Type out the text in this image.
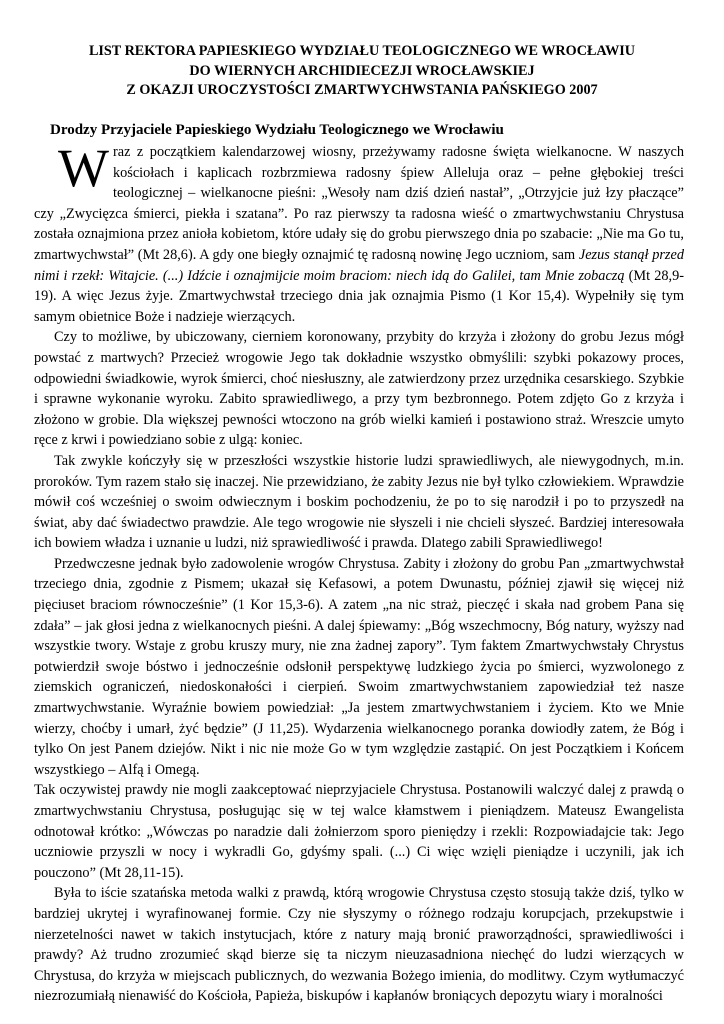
LIST REKTORA PAPIESKIEGO WYDZIAŁU TEOLOGICZNEGO WE WROCŁAWIU
DO WIERNYCH ARCHIDIECEZJI WROCŁAWSKIEJ
Z OKAZJI UROCZYSTOŚCI ZMARTWYCHWSTANIA PAŃSKIEGO 2007

Drodzy Przyjaciele Papieskiego Wydziału Teologicznego we Wrocławiu

Wraz z początkiem kalendarzowej wiosny, przeżywamy radosne święta wielkanocne. W naszych kościołach i kaplicach rozbrzmiewa radosny śpiew Alleluja oraz – pełne głębokiej treści teologicznej – wielkanocne pieśni: „Wesoły nam dziś dzień nastał”, „Otrzyjcie już łzy płaczące” czy „Zwycięzca śmierci, piekła i szatana”. Po raz pierwszy ta radosna wieść o zmartwychwstaniu Chrystusa została oznajmiona przez anioła kobietom, które udały się do grobu pierwszego dnia po szabacie: „Nie ma Go tu, zmartwychwstał” (Mt 28,6). A gdy one biegły oznajmić tę radosną nowinę Jego uczniom, sam Jezus stanął przed nimi i rzekł: Witajcie. (...) Idźcie i oznajmijcie moim braciom: niech idą do Galilei, tam Mnie zobaczą (Mt 28,9-19). A więc Jezus żyje. Zmartwychwstał trzeciego dnia jak oznajmia Pismo (1 Kor 15,4). Wypełniły się tym samym obietnice Boże i nadzieje wierzących.

Czy to możliwe, by ubiczowany, cierniem koronowany, przybity do krzyża i złożony do grobu Jezus mógł powstać z martwych? Przecież wrogowie Jego tak dokładnie wszystko obmyślili: szybki pokazowy proces, odpowiedni świadkowie, wyrok śmierci, choć niesłuszny, ale zatwierdzony przez urzędnika cesarskiego. Szybkie i sprawne wykonanie wyroku. Zabito sprawiedliwego, a przy tym bezbronnego. Potem zdjęto Go z krzyża i złożono w grobie. Dla większej pewności wtoczono na grób wielki kamień i postawiono straż. Wreszcie umyto ręce z krwi i powiedziano sobie z ulgą: koniec.

Tak zwykle kończyły się w przeszłości wszystkie historie ludzi sprawiedliwych, ale niewygodnych, m.in. proroków. Tym razem stało się inaczej. Nie przewidziano, że zabity Jezus nie był tylko człowiekiem. Wprawdzie mówił coś wcześniej o swoim odwiecznym i boskim pochodzeniu, że po to się narodził i po to przyszedł na świat, aby dać świadectwo prawdzie. Ale tego wrogowie nie słyszeli i nie chcieli słyszeć. Bardziej interesowała ich bowiem władza i uznanie u ludzi, niż sprawiedliwość i prawda. Dlatego zabili Sprawiedliwego!

Przedwczesne jednak było zadowolenie wrogów Chrystusa. Zabity i złożony do grobu Pan „zmartwychwstał trzeciego dnia, zgodnie z Pismem; ukazał się Kefasowi, a potem Dwunastu, później zjawił się więcej niż pięciuset braciom równocześnie” (1 Kor 15,3-6). A zatem „na nic straż, pieczęć i skała nad grobem Pana się zdała” – jak głosi jedna z wielkanocnych pieśni. A dalej śpiewamy: „Bóg wszechmocny, Bóg natury, wyższy nad wszystkie twory. Wstaje z grobu kruszy mury, nie zna żadnej zapory”. Tym faktem Zmartwychwstały Chrystus potwierdził swoje bóstwo i jednocześnie odsłonił perspektywę ludzkiego życia po śmierci, wyzwolonego z ziemskich ograniczeń, niedoskonałości i cierpień. Swoim zmartwychwstaniem zapowiedział też nasze zmartwychwstanie. Wyraźnie bowiem powiedział: „Ja jestem zmartwychwstaniem i życiem. Kto we Mnie wierzy, choćby i umarł, żyć będzie” (J 11,25). Wydarzenia wielkanocnego poranka dowiodły zatem, że Bóg i tylko On jest Panem dziejów. Nikt i nic nie może Go w tym względzie zastąpić. On jest Początkiem i Końcem wszystkiego – Alfą i Omegą.

Tak oczywistej prawdy nie mogli zaakceptować nieprzyjaciele Chrystusa. Postanowili walczyć dalej z prawdą o zmartwychwstaniu Chrystusa, posługując się w tej walce kłamstwem i pieniądzem. Mateusz Ewangelista odnotował krótko: „Wówczas po naradzie dali żołnierzom sporo pieniędzy i rzekli: Rozpowiadajcie tak: Jego uczniowie przyszli w nocy i wykradli Go, gdyśmy spali. (...) Ci więc wzięli pieniądze i uczynili, jak ich pouczono” (Mt 28,11-15).

Była to iście szatańska metoda walki z prawdą, którą wrogowie Chrystusa często stosują także dziś, tylko w bardziej ukrytej i wyrafinowanej formie. Czy nie słyszymy o różnego rodzaju korupcjach, przekupstwie i nierzetelności nawet w takich instytucjach, które z natury mają bronić praworządności, sprawiedliwości i prawdy? Aż trudno zrozumieć skąd bierze się ta niczym nieuzasadniona niechęć do ludzi wierzących w Chrystusa, do krzyża w miejscach publicznych, do wezwania Bożego imienia, do modlitwy. Czym wytłumaczyć niezrozumiałą nienawiść do Kościoła, Papieża, biskupów i kapłanów broniących depozytu wiary i moralności
